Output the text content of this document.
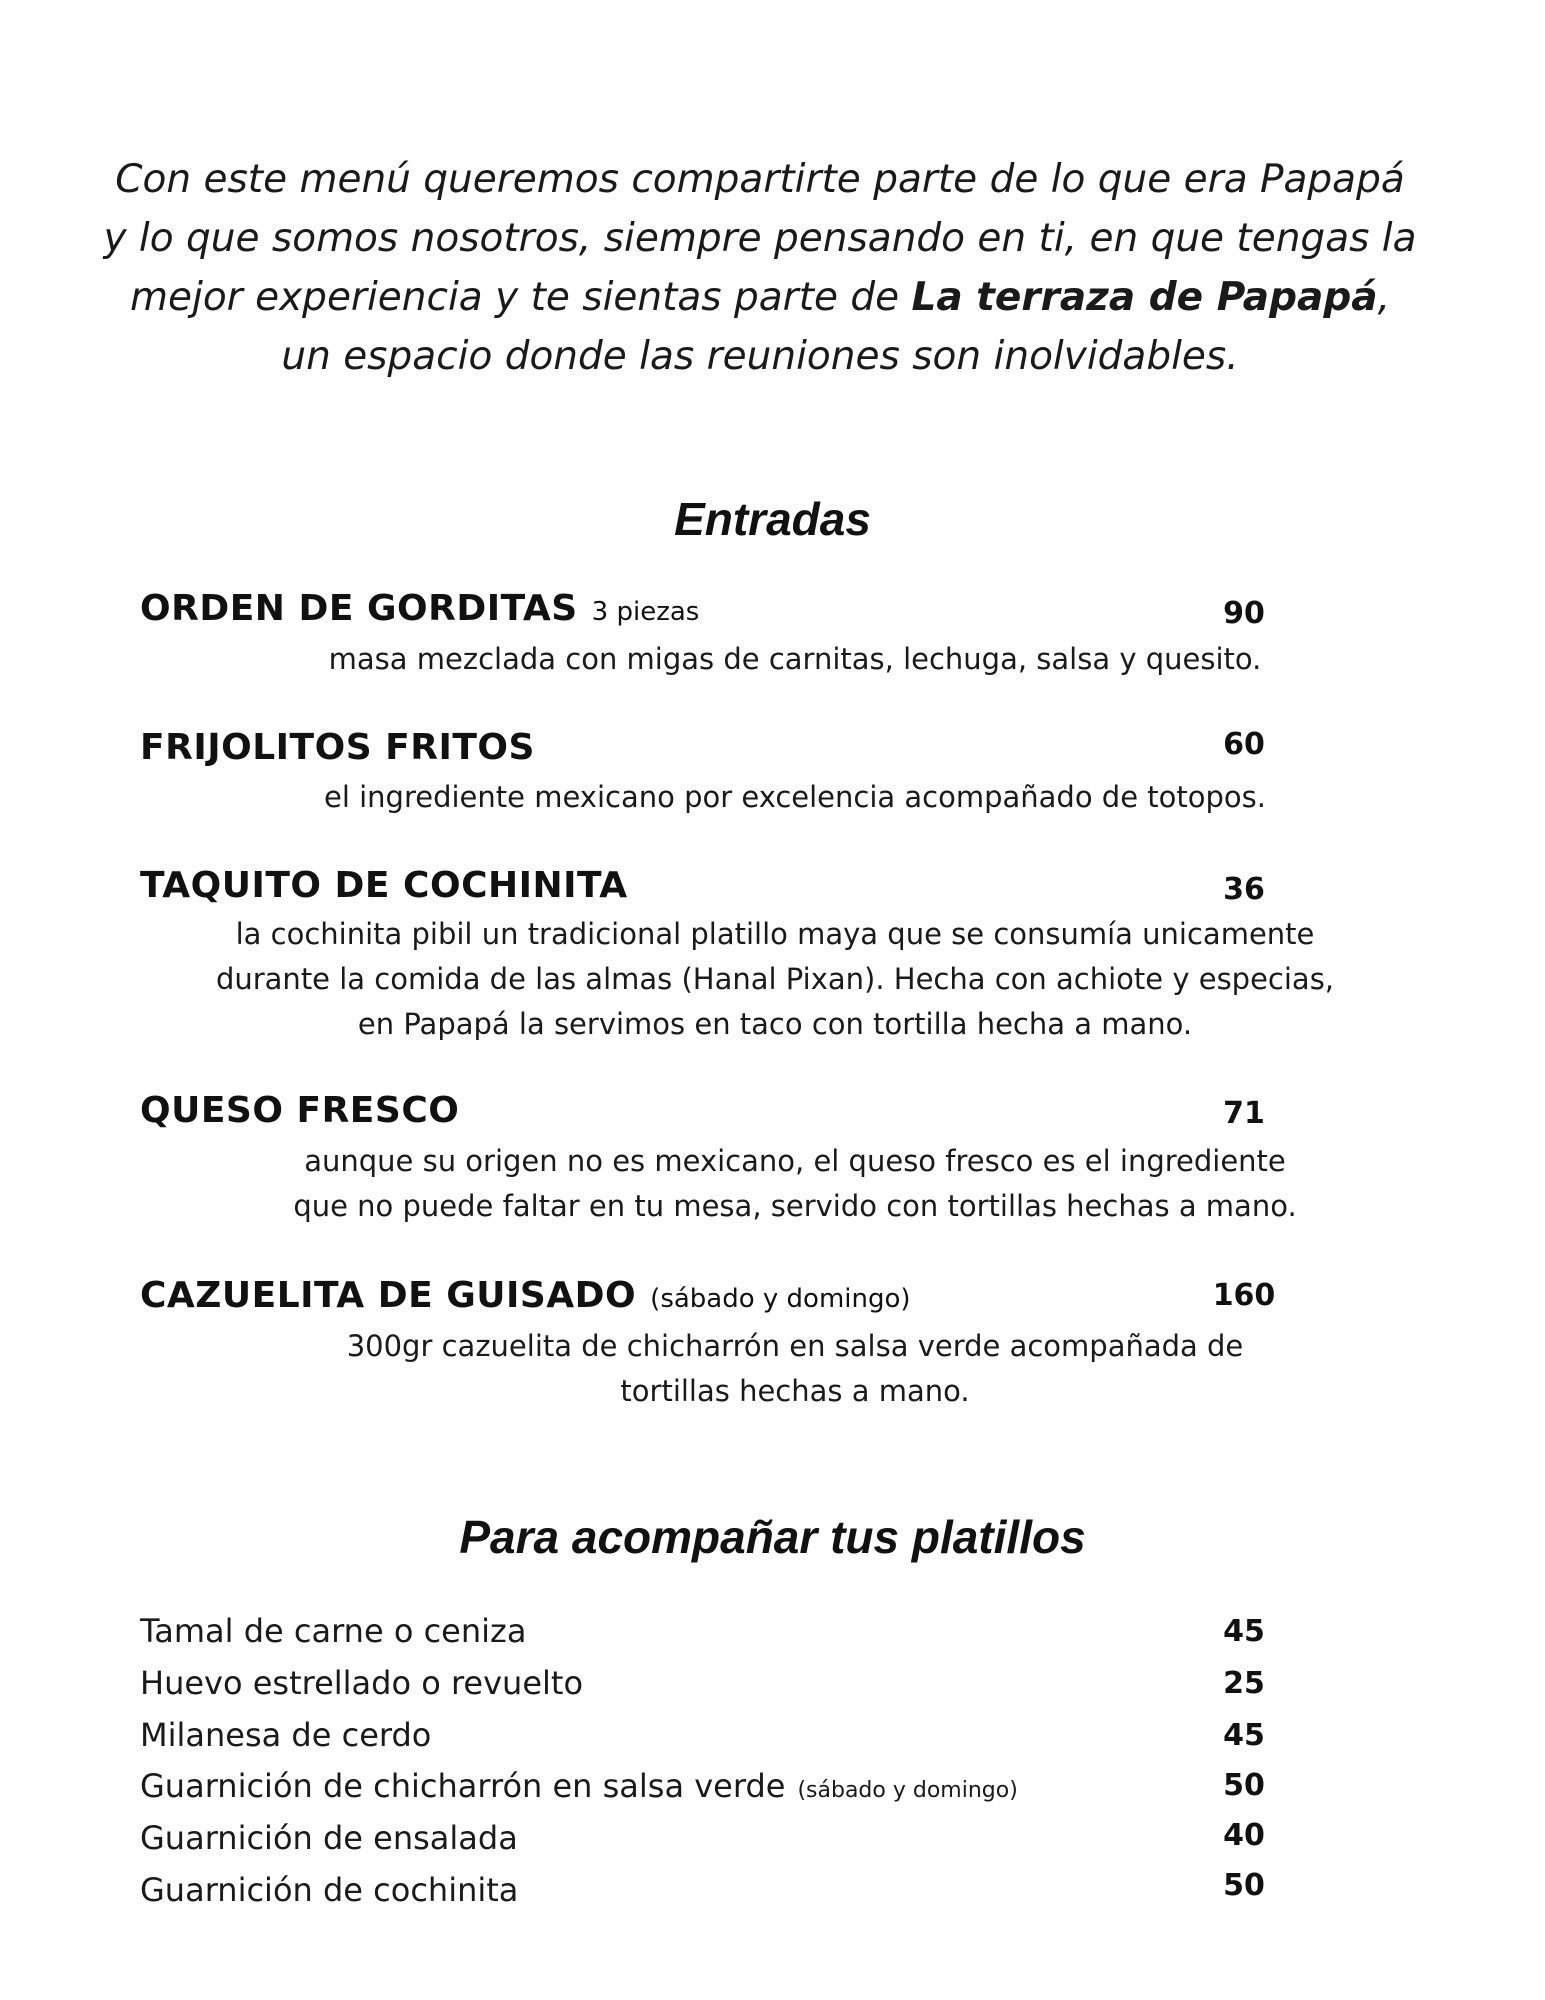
Con este menú queremos compartirte parte de lo que era Papapá
y lo que somos nosotros, siempre pensando en ti, en que tengas la
mejor experiencia y te sientas parte de La terraza de Papapá,
un espacio donde las reuniones son inolvidables.
Entradas
ORDEN DE GORDITAS 3 piezas	90
masa mezclada con migas de carnitas, lechuga, salsa y quesito.
FRIJOLITOS FRITOS	60
el ingrediente mexicano por excelencia acompañado de totopos.
TAQUITO DE COCHINITA	36
la cochinita pibil un tradicional platillo maya que se consumía unicamente
durante la comida de las almas (Hanal Pixan). Hecha con achiote y especias,
en Papapá la servimos en taco con tortilla hecha a mano.
QUESO FRESCO	71
aunque su origen no es mexicano, el queso fresco es el ingrediente
que no puede faltar en tu mesa, servido con tortillas hechas a mano.
CAZUELITA DE GUISADO (sábado y domingo)	160
300gr cazuelita de chicharrón en salsa verde acompañada de
tortillas hechas a mano.
Para acompañar tus platillos
Tamal de carne o ceniza	45
Huevo estrellado o revuelto	25
Milanesa de cerdo	45
Guarnición de chicharrón en salsa verde (sábado y domingo)	50
Guarnición de ensalada	40
Guarnición de cochinita	50
